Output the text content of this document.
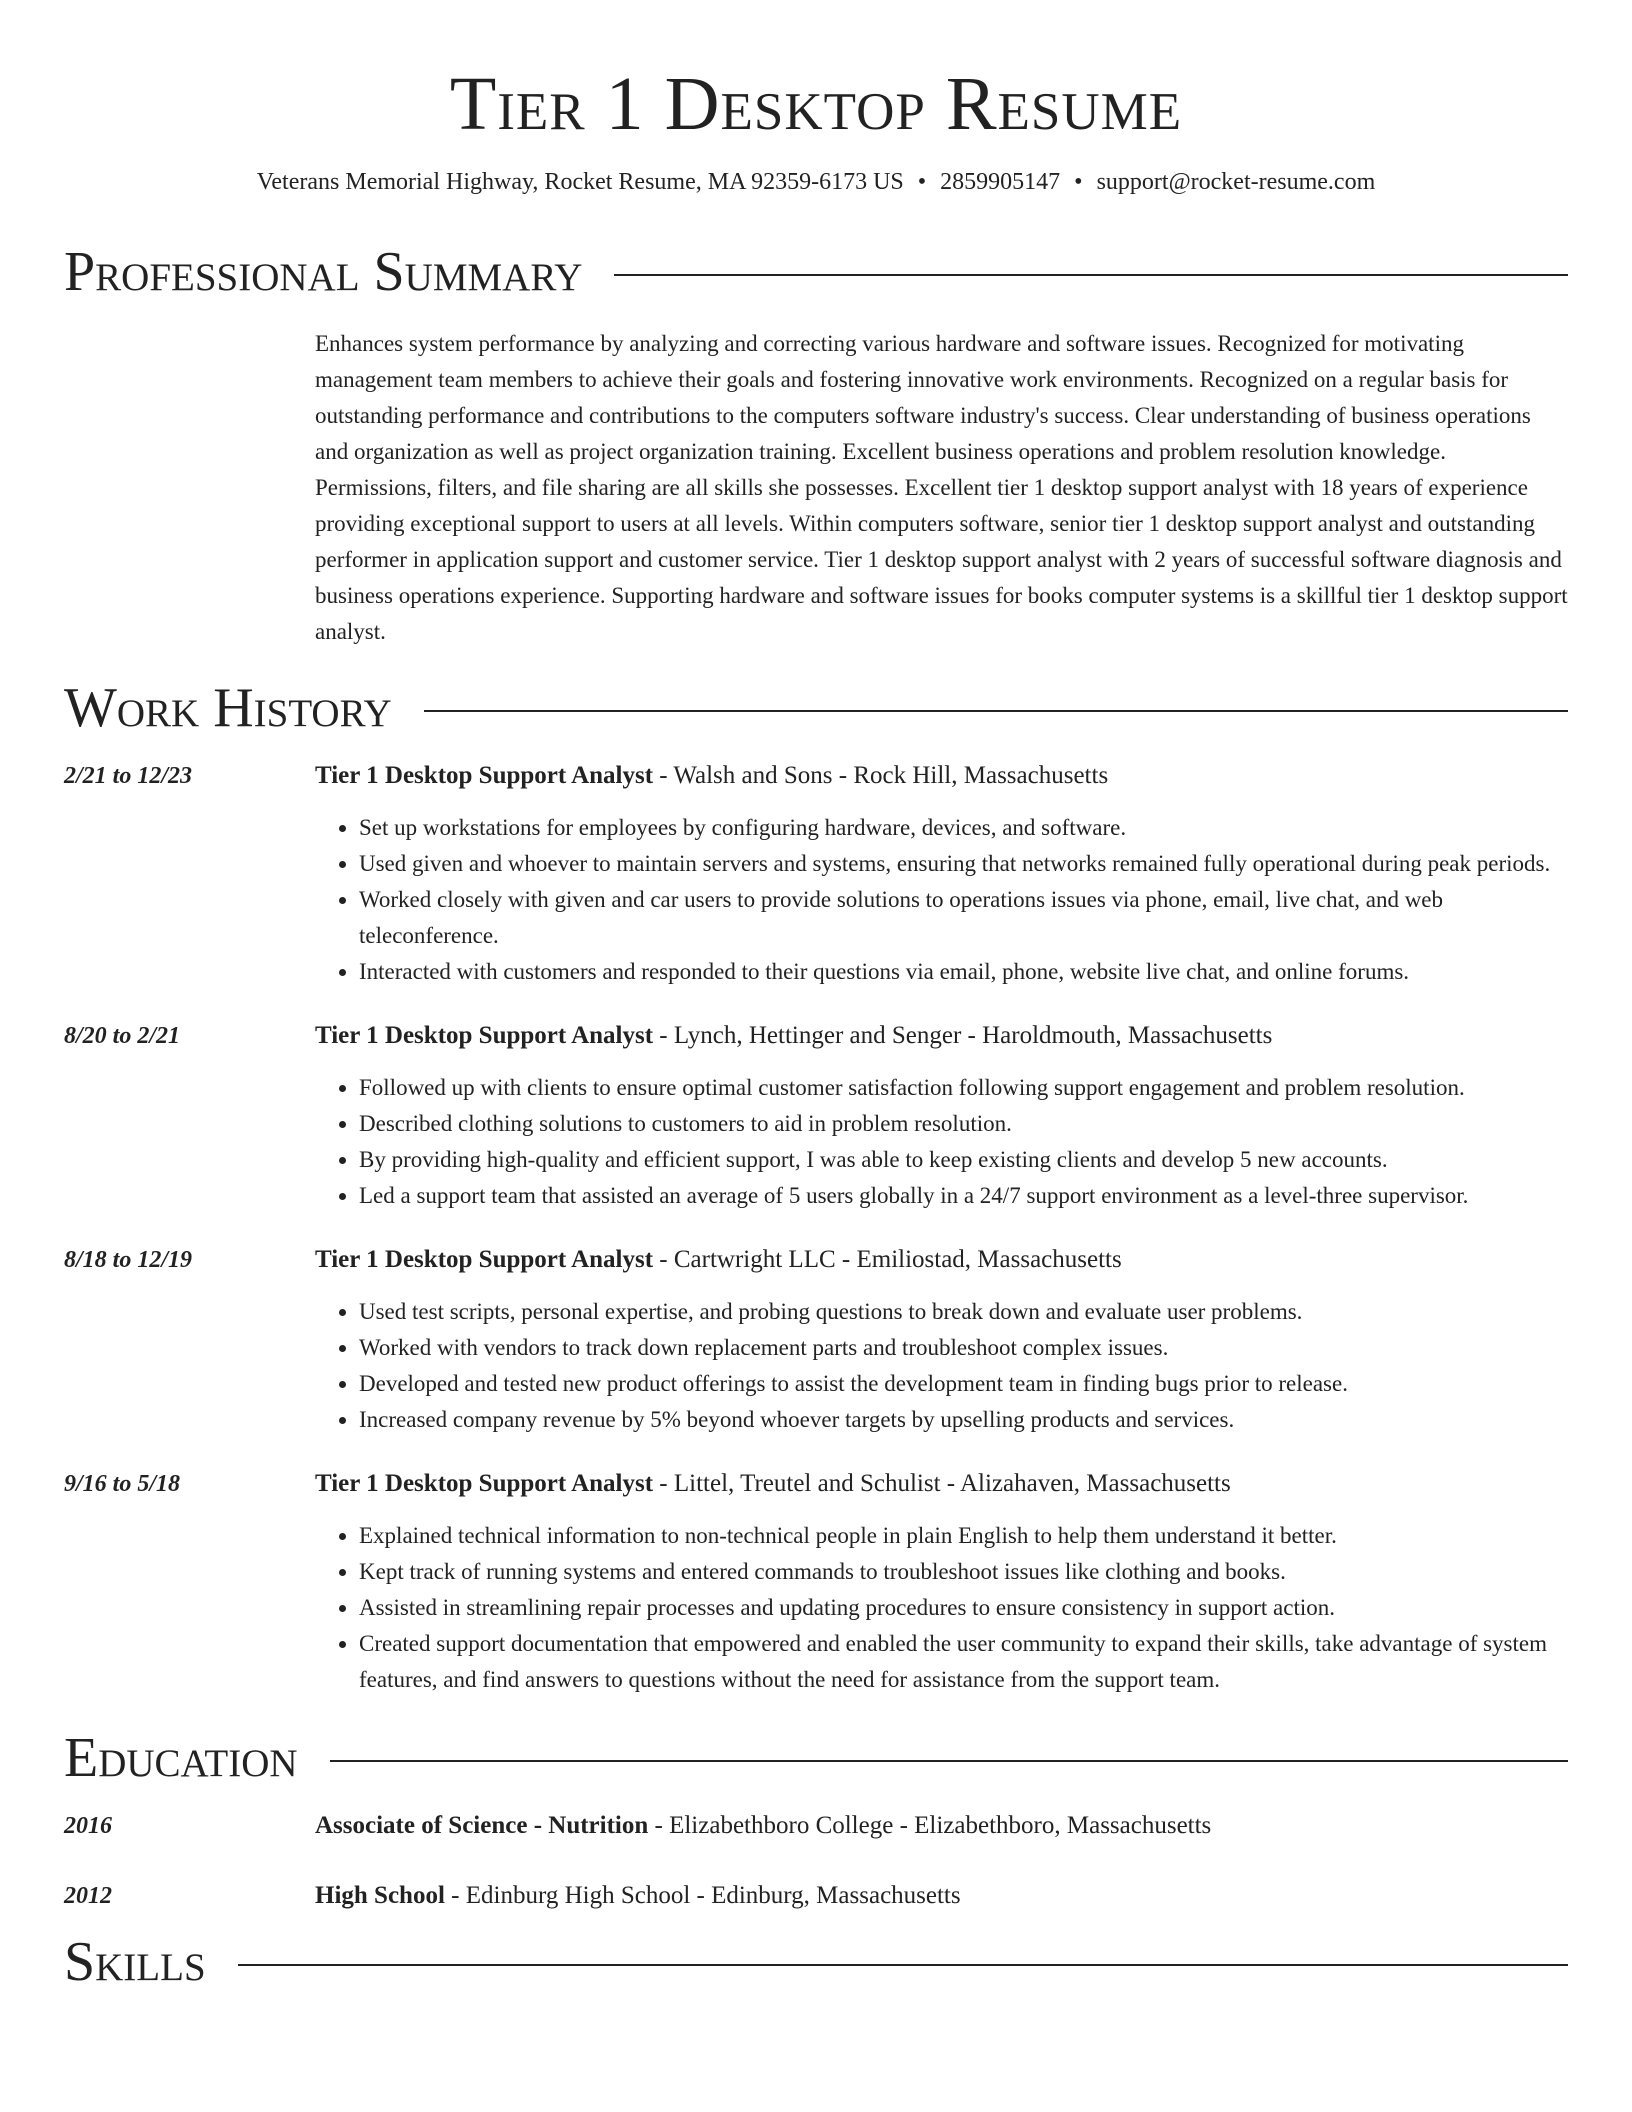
Tier 1 Desktop Resume
Veterans Memorial Highway, Rocket Resume, MA 92359-6173 US • 2859905147 • support@rocket-resume.com
Professional Summary
Enhances system performance by analyzing and correcting various hardware and software issues. Recognized for motivating management team members to achieve their goals and fostering innovative work environments. Recognized on a regular basis for outstanding performance and contributions to the computers software industry's success. Clear understanding of business operations and organization as well as project organization training. Excellent business operations and problem resolution knowledge. Permissions, filters, and file sharing are all skills she possesses. Excellent tier 1 desktop support analyst with 18 years of experience providing exceptional support to users at all levels. Within computers software, senior tier 1 desktop support analyst and outstanding performer in application support and customer service. Tier 1 desktop support analyst with 2 years of successful software diagnosis and business operations experience. Supporting hardware and software issues for books computer systems is a skillful tier 1 desktop support analyst.
Work History
2/21 to 12/23	Tier 1 Desktop Support Analyst - Walsh and Sons - Rock Hill, Massachusetts
• Set up workstations for employees by configuring hardware, devices, and software.
• Used given and whoever to maintain servers and systems, ensuring that networks remained fully operational during peak periods.
• Worked closely with given and car users to provide solutions to operations issues via phone, email, live chat, and web teleconference.
• Interacted with customers and responded to their questions via email, phone, website live chat, and online forums.
8/20 to 2/21	Tier 1 Desktop Support Analyst - Lynch, Hettinger and Senger - Haroldmouth, Massachusetts
• Followed up with clients to ensure optimal customer satisfaction following support engagement and problem resolution.
• Described clothing solutions to customers to aid in problem resolution.
• By providing high-quality and efficient support, I was able to keep existing clients and develop 5 new accounts.
• Led a support team that assisted an average of 5 users globally in a 24/7 support environment as a level-three supervisor.
8/18 to 12/19	Tier 1 Desktop Support Analyst - Cartwright LLC - Emiliostad, Massachusetts
• Used test scripts, personal expertise, and probing questions to break down and evaluate user problems.
• Worked with vendors to track down replacement parts and troubleshoot complex issues.
• Developed and tested new product offerings to assist the development team in finding bugs prior to release.
• Increased company revenue by 5% beyond whoever targets by upselling products and services.
9/16 to 5/18	Tier 1 Desktop Support Analyst - Littel, Treutel and Schulist - Alizahaven, Massachusetts
• Explained technical information to non-technical people in plain English to help them understand it better.
• Kept track of running systems and entered commands to troubleshoot issues like clothing and books.
• Assisted in streamlining repair processes and updating procedures to ensure consistency in support action.
• Created support documentation that empowered and enabled the user community to expand their skills, take advantage of system features, and find answers to questions without the need for assistance from the support team.
Education
2016	Associate of Science - Nutrition - Elizabethboro College - Elizabethboro, Massachusetts
2012	High School - Edinburg High School - Edinburg, Massachusetts
Skills
